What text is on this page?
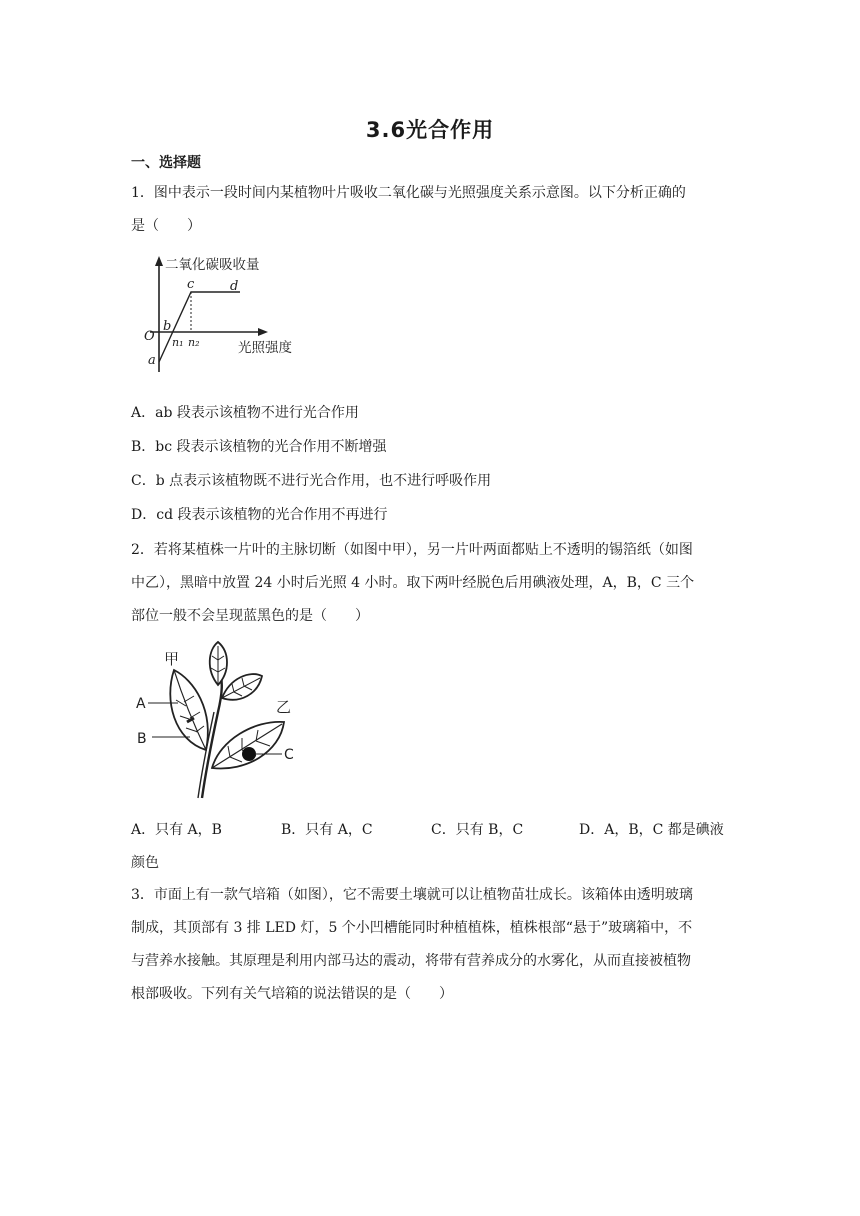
3.6光合作用
一、选择题
1．图中表示一段时间内某植物叶片吸收二氧化碳与光照强度关系示意图。以下分析正确的
是（　　）
二氧化碳吸收量
光照强度
O
a
b
c	d
n₁ n₂
A．ab 段表示该植物不进行光合作用
B．bc 段表示该植物的光合作用不断增强
C．b 点表示该植物既不进行光合作用，也不进行呼吸作用
D．cd 段表示该植物的光合作用不再进行
2．若将某植株一片叶的主脉切断（如图中甲），另一片叶两面都贴上不透明的锡箔纸（如图
中乙），黑暗中放置 24 小时后光照 4 小时。取下两叶经脱色后用碘液处理，A，B，C 三个
部位一般不会呈现蓝黑色的是（　　）
甲
乙
A
B
C
A．只有 A，B	B．只有 A，C	C．只有 B，C	D．A，B，C 都是碘液
颜色
3．市面上有一款气培箱（如图），它不需要土壤就可以让植物苗壮成长。该箱体由透明玻璃
制成，其顶部有 3 排 LED 灯，5 个小凹槽能同时种植植株，植株根部“悬于”玻璃箱中，不
与营养水接触。其原理是利用内部马达的震动，将带有营养成分的水雾化，从而直接被植物
根部吸收。下列有关气培箱的说法错误的是（　　）
